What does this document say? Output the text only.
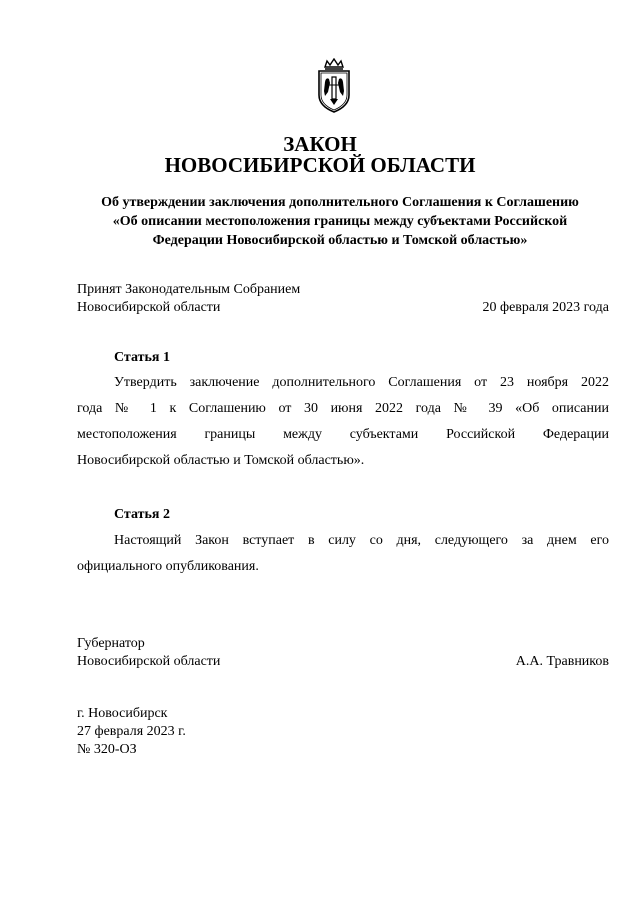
ЗАКОН
НОВОСИБИРСКОЙ ОБЛАСТИ
Об утверждении заключения дополнительного Соглашения к Соглашению
«Об описании местоположения границы между субъектами Российской
Федерации Новосибирской областью и Томской областью»
Принят Законодательным Собранием
Новосибирской области	20 февраля 2023 года
Статья 1
Утвердить заключение дополнительного Соглашения от 23 ноября 2022
года № 1 к Соглашению от 30 июня 2022 года № 39 «Об описании
местоположения границы между субъектами Российской Федерации
Новосибирской областью и Томской областью».
Статья 2
Настоящий Закон вступает в силу со дня, следующего за днем его
официального опубликования.
Губернатор
Новосибирской области	А.А. Травников
г. Новосибирск
27 февраля 2023 г.
№ 320-ОЗ
